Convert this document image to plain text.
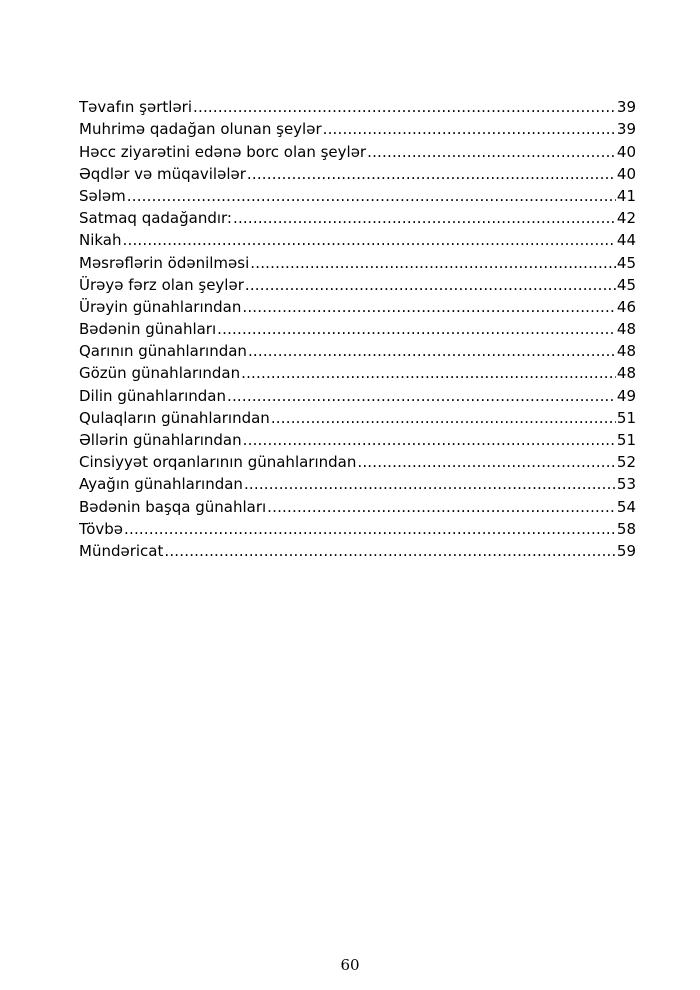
Təvafın şərtləri .....	39
Muhrimə qadağan olunan şeylər .....	39
Həcc ziyarətini edənə borc olan şeylər .....	40
Əqdlər və müqavilələr .....	40
Sələm .....	41
Satmaq qadağandır: .....	42
Nikah .....	44
Məsrəflərin ödənilməsi .....	45
Ürəyə fərz olan şeylər .....	45
Ürəyin günahlarından .....	46
Bədənin günahları .....	48
Qarının günahlarından .....	48
Gözün günahlarından .....	48
Dilin günahlarından .....	49
Qulaqların günahlarından .....	51
Əllərin günahlarından .....	51
Cinsiyyət orqanlarının günahlarından .....	52
Ayağın günahlarından .....	53
Bədənin başqa günahları .....	54
Tövbə .....	58
Mündəricat .....	59
60
